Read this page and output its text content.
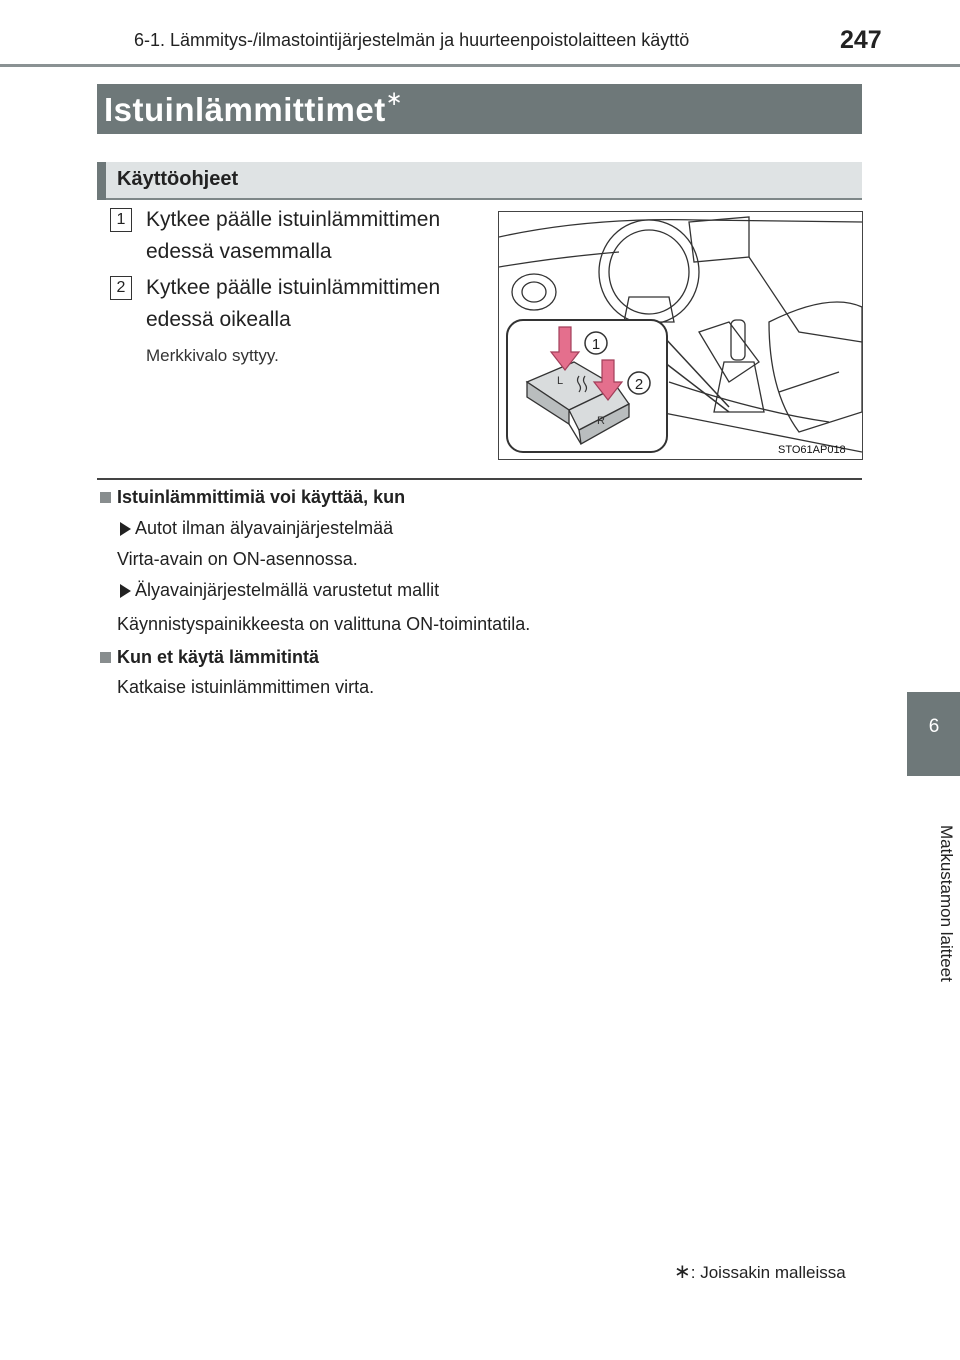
6-1. Lämmitys-/ilmastointijärjestelmän ja huurteenpoistolaitteen käyttö	247
Istuinlämmittimet∗
Käyttöohjeet
1 Kytkee päälle istuinlämmittimen
edessä vasemmalla
2 Kytkee päälle istuinlämmittimen
edessä oikealla
Merkkivalo syttyy.
L
R
1
2
STO61AP018
Istuinlämmittimiä voi käyttää, kun
Autot ilman älyavainjärjestelmää
Virta-avain on ON-asennossa.
Älyavainjärjestelmällä varustetut mallit
Käynnistyspainikkeesta on valittuna ON-toimintatila.
Kun et käytä lämmitintä
Katkaise istuinlämmittimen virta.
6
Matkustamon laitteet
∗: Joissakin malleissa
